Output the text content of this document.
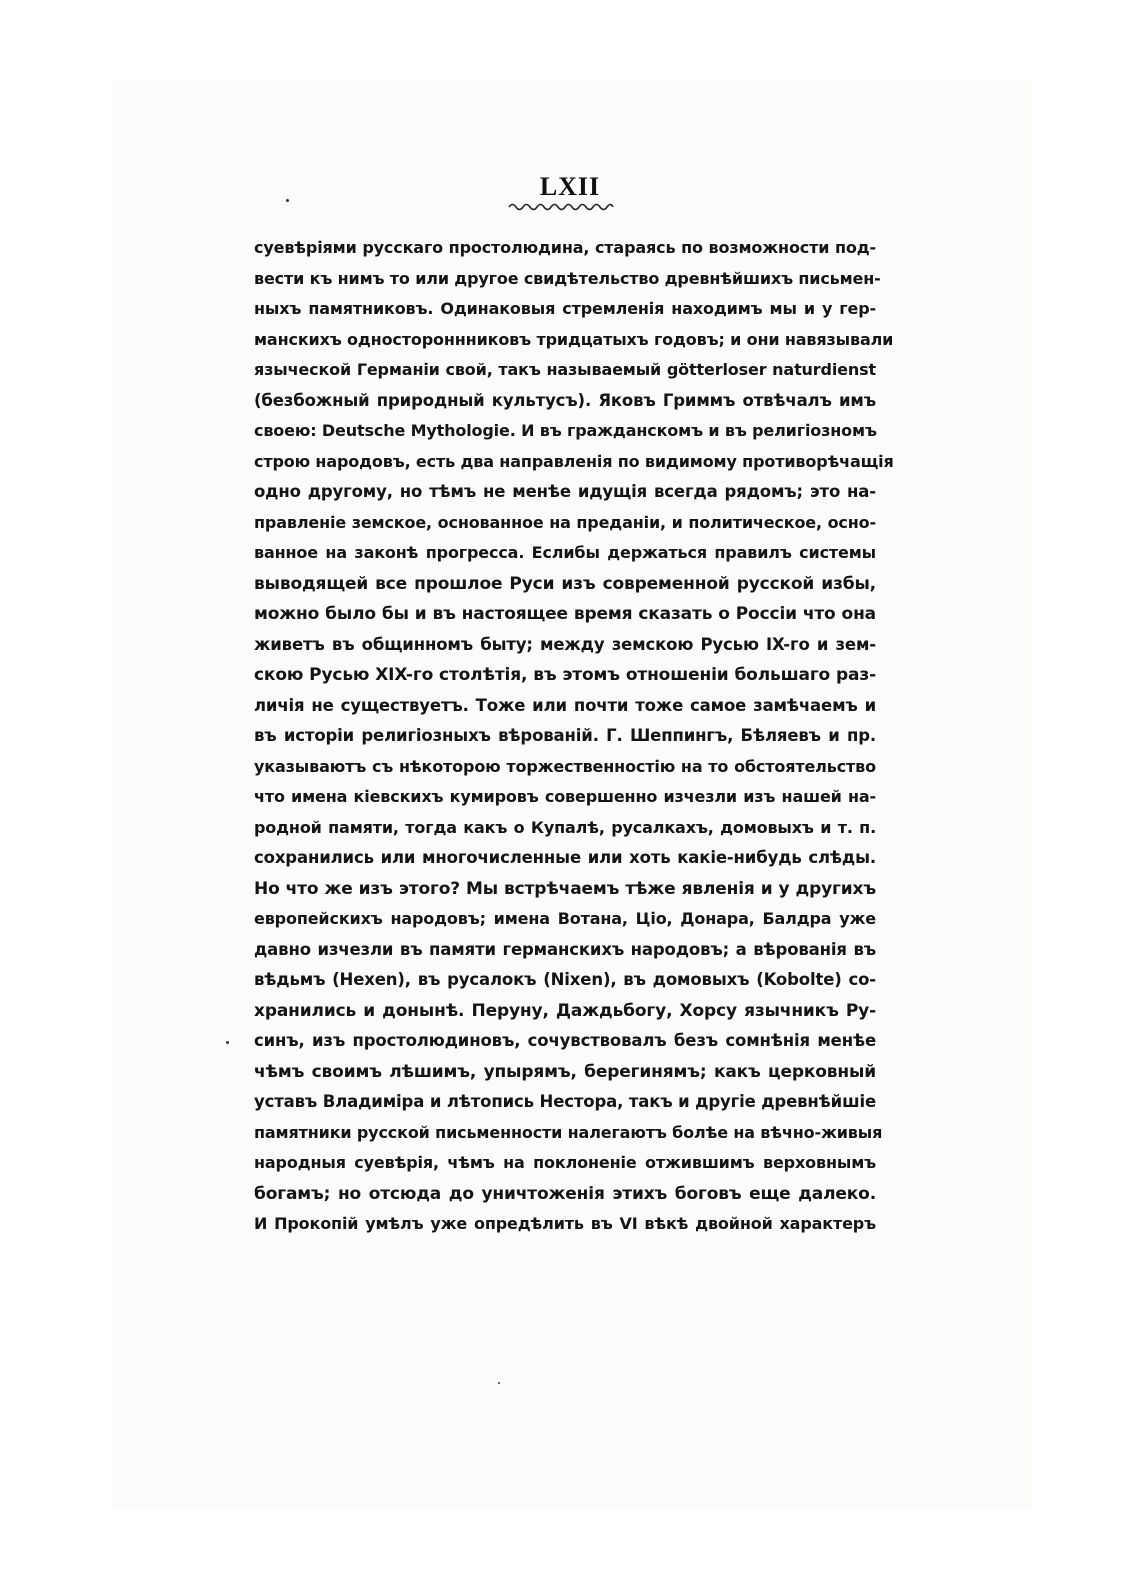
LXII
суевѣріями русскаго простолюдина, стараясь по возможности под-
вести къ нимъ то или другое свидѣтельство древнѣйшихъ письмен-
ныхъ памятниковъ. Одинаковыя стремленія находимъ мы и у гер-
манскихъ одностороннниковъ тридцатыхъ годовъ; и они навязывали
языческой Германіи свой, такъ называемый götterloser naturdienst
(безбожный природный культусъ). Яковъ Гриммъ отвѣчалъ имъ
своею: Deutsche Mythologie. И въ гражданскомъ и въ религіозномъ
строю народовъ, есть два направленія по видимому противорѣчащія
одно другому, но тѣмъ не менѣе идущія всегда рядомъ; это на-
правленіе земское, основанное на преданіи, и политическое, осно-
ванное на законѣ прогресса. Еслибы держаться правилъ системы
выводящей все прошлое Руси изъ современной русской избы,
можно было бы и въ настоящее время сказать о Россіи что она
живетъ въ общинномъ быту; между земскою Русью IX-го и зем-
скою Русью XIX-го столѣтія, въ этомъ отношеніи большаго раз-
личія не существуетъ. Тоже или почти тоже самое замѣчаемъ и
въ исторіи религіозныхъ вѣрованій. Г. Шеппингъ, Бѣляевъ и пр.
указываютъ съ нѣкоторою торжественностію на то обстоятельство
что имена кіевскихъ кумировъ совершенно изчезли изъ нашей на-
родной памяти, тогда какъ о Купалѣ, русалкахъ, домовыхъ и т. п.
сохранились или многочисленные или хоть какіе-нибудь слѣды.
Но что же изъ этого? Мы встрѣчаемъ тѣже явленія и у другихъ
европейскихъ народовъ; имена Вотана, Ціо, Донара, Балдра уже
давно изчезли въ памяти германскихъ народовъ; а вѣрованія въ
вѣдьмъ (Hexen), въ русалокъ (Nixen), въ домовыхъ (Kobolte) со-
хранились и донынѣ. Перуну, Даждьбогу, Хорсу язычникъ Ру-
синъ, изъ простолюдиновъ, сочувствовалъ безъ сомнѣнія менѣе
чѣмъ своимъ лѣшимъ, упырямъ, берегинямъ; какъ церковный
уставъ Владиміра и лѣтопись Нестора, такъ и другіе древнѣйшіе
памятники русской письменности налегаютъ болѣе на вѣчно-живыя
народныя суевѣрія, чѣмъ на поклоненіе отжившимъ верховнымъ
богамъ; но отсюда до уничтоженія этихъ боговъ еще далеко.
И Прокопій умѣлъ уже опредѣлить въ VI вѣкѣ двойной характеръ
